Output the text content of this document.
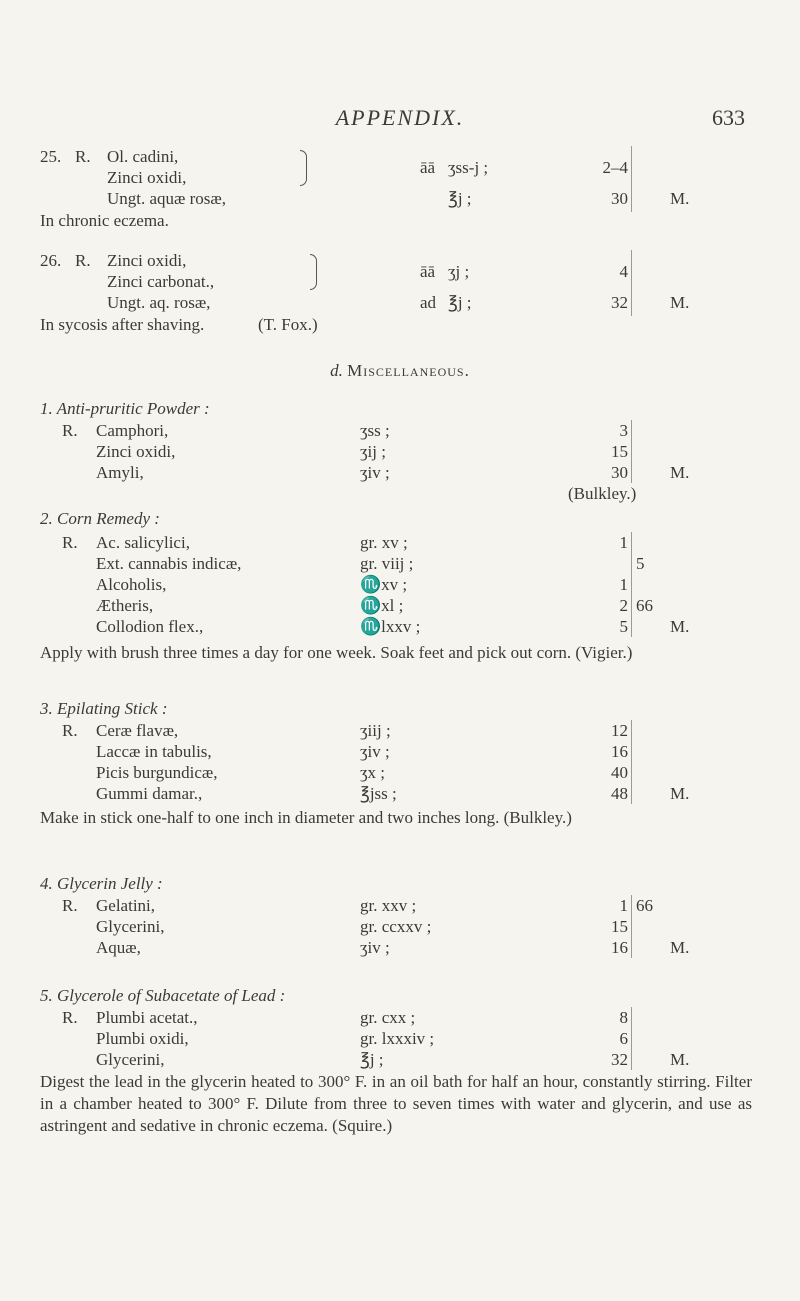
APPENDIX.	633
25. R. Ol. cadini,
Zinci oxidi,
Ungt. aquæ rosæ,
āā ʒss-j ;
℥j ;
2–4
30 M.
In chronic eczema.
26. R. Zinci oxidi,
Zinci carbonat.,
Ungt. aq. rosæ,
āā
ad
ʒj ;
℥j ;
4
32 M.
In sycosis after shaving.	(T. Fox.)
d. Miscellaneous.
1. Anti-pruritic Powder :
R. Camphori,
Zinci oxidi,
Amyli,
ʒss ;
ʒij ;
ʒiv ;
3
15
30 M.
(Bulkley.)
2. Corn Remedy :
R. Ac. salicylici,
Ext. cannabis indicæ,
Alcoholis,
Ætheris,
Collodion flex.,
gr. xv ;
gr. viij ;
♏xv ;
♏xl ;
♏lxxv ;
1
1
2
5
5
66
M.
Apply with brush three times a day for one week. Soak feet and pick out corn. (Vigier.)
3. Epilating Stick :
R. Ceræ flavæ,
Laccæ in tabulis,
Picis burgundicæ,
Gummi damar.,
ʒiij ;
ʒiv ;
ʒx ;
℥jss ;
12
16
40
48 M.
Make in stick one-half to one inch in diameter and two inches long. (Bulkley.)
4. Glycerin Jelly :
R. Gelatini,
Glycerini,
Aquæ,
gr. xxv ;
gr. ccxxv ;
ʒiv ;
1
15
16
66
M.
5. Glycerole of Subacetate of Lead :
R. Plumbi acetat.,
Plumbi oxidi,
Glycerini,
gr. cxx ;
gr. lxxxiv ;
℥j ;
8
6
32 M.
Digest the lead in the glycerin heated to 300° F. in an oil bath for half an hour, constantly stirring. Filter in a chamber heated to 300° F. Dilute from three to seven times with water and glycerin, and use as astringent and sedative in chronic eczema. (Squire.)
